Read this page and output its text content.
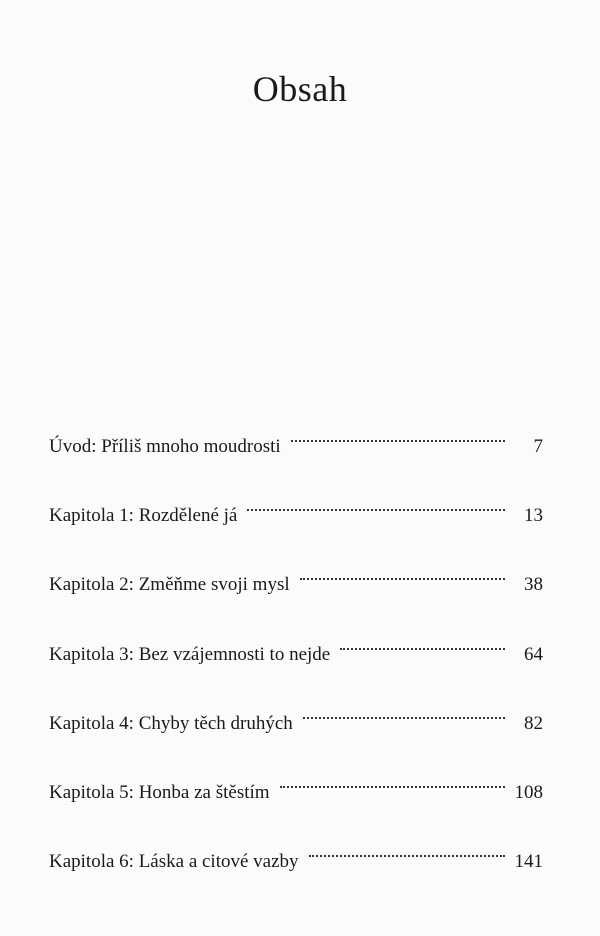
Obsah
Úvod: Příliš mnoho moudrosti	7
Kapitola 1: Rozdělené já	13
Kapitola 2: Změňme svoji mysl	38
Kapitola 3: Bez vzájemnosti to nejde	64
Kapitola 4: Chyby těch druhých	82
Kapitola 5: Honba za štěstím	108
Kapitola 6: Láska a citové vazby	141
